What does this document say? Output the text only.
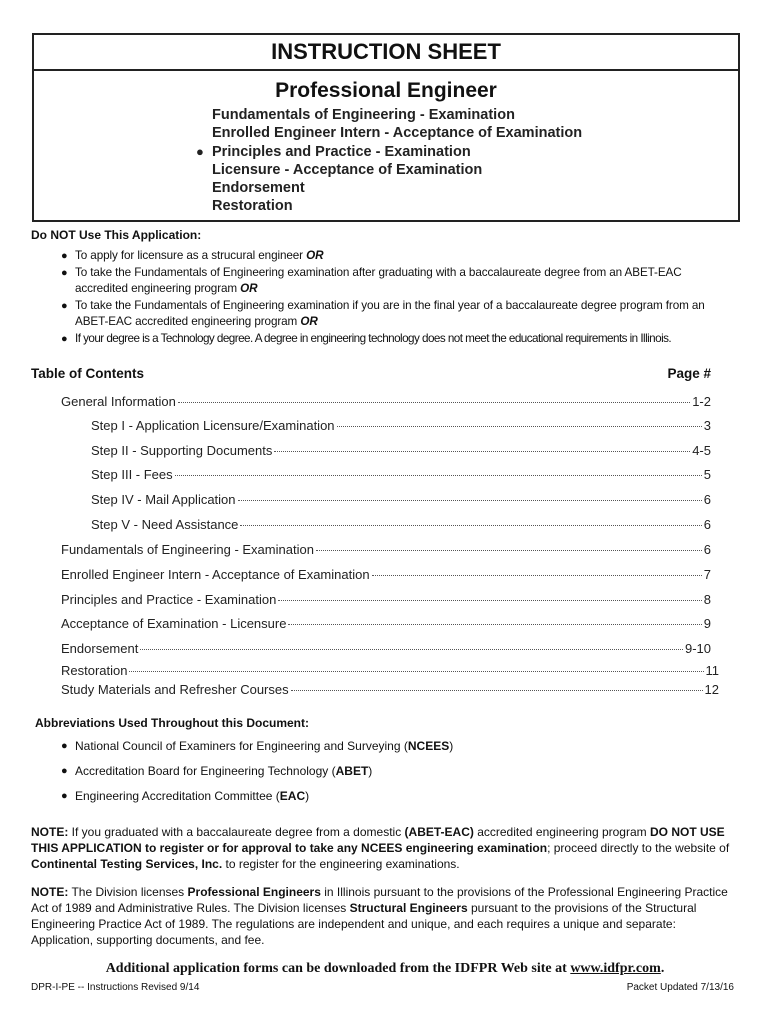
INSTRUCTION SHEET
Professional Engineer
Fundamentals of Engineering - Examination
Enrolled Engineer Intern - Acceptance of Examination
● Principles and Practice - Examination
Licensure - Acceptance of Examination
Endorsement
Restoration
Do NOT Use This Application:
● To apply for licensure as a strucural engineer OR
● To take the Fundamentals of Engineering examination after graduating with a baccalaureate degree from an ABET-EAC accredited engineering program OR
● To take the Fundamentals of Engineering examination if you are in the final year of a baccalaureate degree program from an ABET-EAC accredited engineering program OR
● If your degree is a Technology degree. A degree in engineering technology does not meet the educational requirements in Illinois.
Table of Contents	Page #
General Information	1-2
Step I - Application Licensure/Examination	3
Step II - Supporting Documents	4-5
Step III - Fees	5
Step IV - Mail Application	6
Step V - Need Assistance	6
Fundamentals of Engineering - Examination	6
Enrolled Engineer Intern - Acceptance of Examination	7
Principles and Practice - Examination	8
Acceptance of Examination - Licensure	9
Endorsement	9-10
Restoration	11
Study Materials and Refresher Courses	12
Abbreviations Used Throughout this Document:
● National Council of Examiners for Engineering and Surveying (NCEES)
● Accreditation Board for Engineering Technology (ABET)
● Engineering Accreditation Committee (EAC)
NOTE: If you graduated with a baccalaureate degree from a domestic (ABET-EAC) accredited engineering program DO NOT USE THIS APPLICATION to register or for approval to take any NCEES engineering examination; proceed directly to the website of Continental Testing Services, Inc. to register for the engineering examinations.
NOTE: The Division licenses Professional Engineers in Illinois pursuant to the provisions of the Professional Engineering Practice Act of 1989 and Administrative Rules. The Division licenses Structural Engineers pursuant to the provisions of the Structural Engineering Practice Act of 1989. The regulations are independent and unique, and each requires a unique and separate: Application, supporting documents, and fee.
Additional application forms can be downloaded from the IDFPR Web site at www.idfpr.com.
DPR-I-PE -- Instructions Revised 9/14	Packet Updated 7/13/16
